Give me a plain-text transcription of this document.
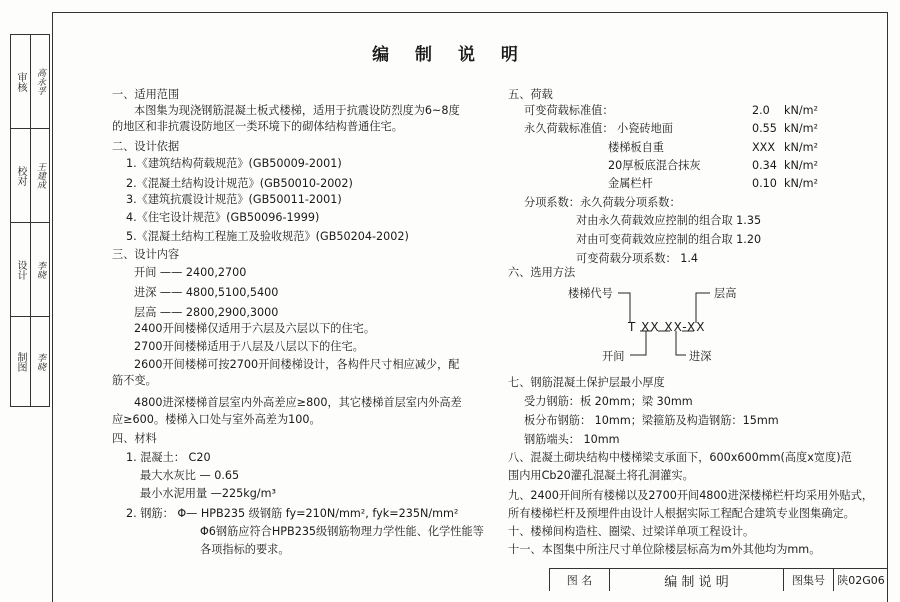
审核	高永孚
校对	王建成
设计	李晓
制图	李晓
编 制 说 明
一、适用范围
本图集为现浇钢筋混凝土板式楼梯，适用于抗震设防烈度为6~8度
的地区和非抗震设防地区一类环境下的砌体结构普通住宅。
二、设计依据
1.《建筑结构荷载规范》(GB50009-2001)
2.《混凝土结构设计规范》(GB50010-2002)
3.《建筑抗震设计规范》(GB50011-2001)
4.《住宅设计规范》(GB50096-1999)
5.《混凝土结构工程施工及验收规范》(GB50204-2002)
三、设计内容
开间 —— 2400,2700
进深 —— 4800,5100,5400
层高 —— 2800,2900,3000
2400开间楼梯仅适用于六层及六层以下的住宅。
2700开间楼梯适用于八层及八层以下的住宅。
2600开间楼梯可按2700开间楼梯设计，各构件尺寸相应减少，配
筋不变。
4800进深楼梯首层室内外高差应≥800，其它楼梯首层室内外高差
应≥600。楼梯入口处与室外高差为100。
四、材料
1. 混凝土： C20
最大水灰比 — 0.65
最小水泥用量 —225kg/m³
2. 钢筋： Φ— HPB235 级钢筋 fy=210N/mm², fyk=235N/mm²
Φ6钢筋应符合HPB235级钢筋物理力学性能、化学性能等
各项指标的要求。
五、荷载
可变荷载标准值：	2.0 kN/m²
永久荷载标准值： 小瓷砖地面	0.55 kN/m²
楼梯板自重	XXX kN/m²
20厚板底混合抹灰	0.34 kN/m²
金属栏杆	0.10 kN/m²
分项系数：永久荷载分项系数：
对由永久荷载效应控制的组合取 1.35
对由可变荷载效应控制的组合取 1.20
可变荷载分项系数： 1.4
六、选用方法
楼梯代号	层高
T XX XX-XX
开间	进深
七、钢筋混凝土保护层最小厚度
受力钢筋：板 20mm；梁 30mm
板分布钢筋： 10mm；梁箍筋及构造钢筋：15mm
钢筋端头： 10mm
八、混凝土砌块结构中楼梯梁支承面下，600x600mm(高度x宽度)范
围内用Cb20灌孔混凝土将孔洞灌实。
九、2400开间所有楼梯以及2700开间4800进深楼梯栏杆均采用外贴式，
所有楼梯栏杆及预埋件由设计人根据实际工程配合建筑专业图集确定。
十、楼梯间构造柱、圈梁、过梁详单项工程设计。
十一、本图集中所注尺寸单位除楼层标高为m外其他均为mm。
图 名	编 制 说 明	图集号	陕02G06
